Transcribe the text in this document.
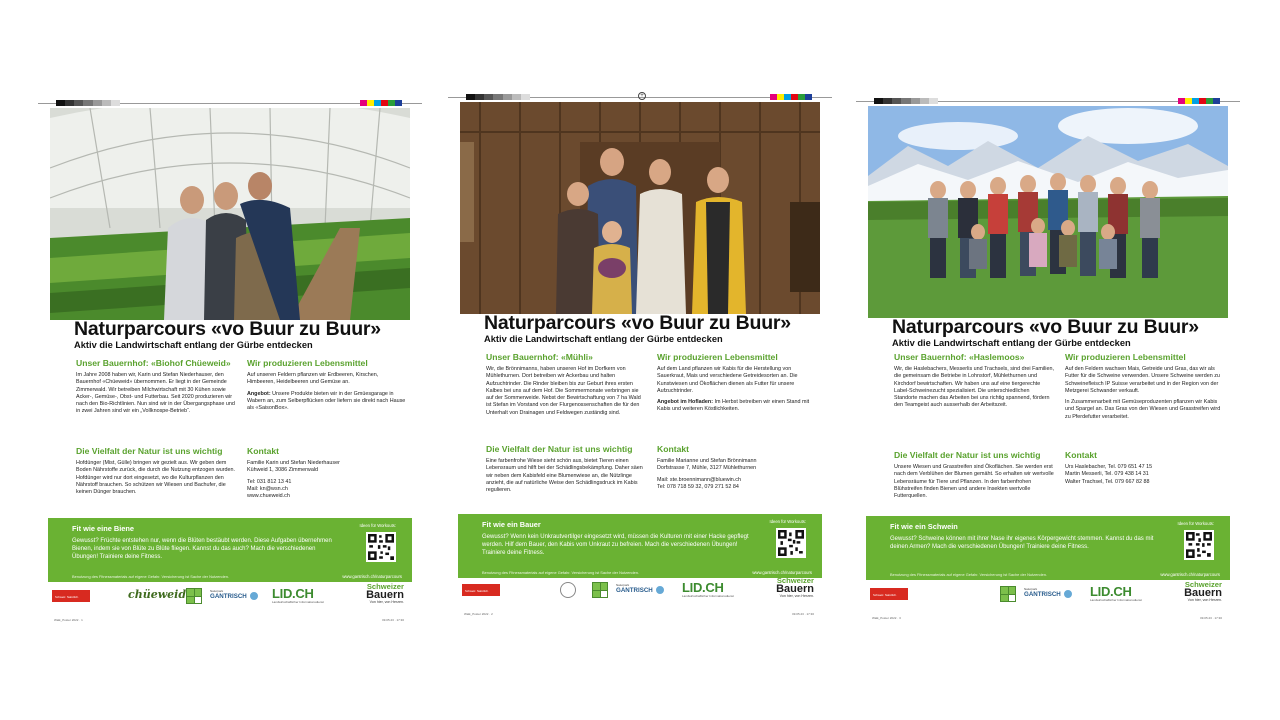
Naturparcours «vo Buur zu Buur»
Aktiv die Landwirtschaft entlang der Gürbe entdecken
Unser Bauernhof: «Biohof Chüeweid»

Im Jahre 2008 haben wir, Karin und Stefan Niederhauser, den Bauernhof «Chüeweid» übernommen. Er liegt in der Gemeinde Zimmerwald. Wir betreiben Milchwirtschaft mit 30 Kühen sowie Acker-, Gemüse-, Obst- und Futterbau. Seit 2020 produzieren wir nach den Bio-Richtlinien. Nun sind wir in der Übergangsphase und in zwei Jahren sind wir ein „Vollknospe-Betrieb“.

Wir produzieren Lebensmittel

Auf unseren Feldern pflanzen wir Erdbeeren, Kirschen, Himbeeren, Heidelbeeren und Gemüse an.

Angebot: Unsere Produkte bieten wir in der Gmüesgarage in Wabern an, zum Selberpflücken oder liefern sie direkt nach Hause als «SaisonBox».

Die Vielfalt der Natur ist uns wichtig

Hofdünger (Mist, Gülle) bringen wir gezielt aus. Wir geben dem Boden Nährstoffe zurück, die durch die Nutzung entzogen wurden. Hofdünger wird nur dort eingesetzt, wo die Kulturpflanzen den Nährstoff brauchen. So schützen wir Wiesen und Bachufer, die keinen Dünger brauchen.

Kontakt

Familie Karin und Stefan Niederhauser
Kühweid 1, 3086 Zimmerwald

Tel: 031 812 13 41
Mail: kn@wsn.ch
www.chueweid.ch

Fit wie eine Biene
Gewusst? Früchte entstehen nur, wenn die Blüten bestäubt werden. Diese Aufgaben übernehmen Bienen, indem sie von Blüte zu Blüte fliegen. Kannst du das auch? Mach die verschiedenen Übungen! Trainiere deine Fitness.
Ideen für Workouts:
Benutzung des Fitnessmaterials auf eigene Gefahr. Versicherung ist Sache der Nutzenden.	www.gantrisch.ch/naturparcours
Schweiz. Natürlich.	chüeweid	Naturpark
GANTRISCH LID.CH
Landwirtschaftlicher Informationsdienst
Schweizer
Bauern
Von hier, von Herzen.
Walk_Poster 2022 · 1	09.05.23 · 17:30
+
Naturparcours «vo Buur zu Buur»
Aktiv die Landwirtschaft entlang der Gürbe entdecken
Unser Bauernhof: «Mühli»

Wir, die Brönnimanns, haben unseren Hof im Dorfkern von Mühlethurnen. Dort betreiben wir Ackerbau und halten Aufzuchtrinder. Die Rinder bleiben bis zur Geburt ihres ersten Kalbes bei uns auf dem Hof. Die Sommermonate verbringen sie auf der Sommerweide. Nebst der Bewirtschaftung von 7 ha Wald ist Stefan im Vorstand von der Flurgenossenschaften die für den Unterhalt von Drainagen und Feldwegen zuständig sind.

Wir produzieren Lebensmittel

Auf dem Land pflanzen wir Kabis für die Herstellung von Sauerkraut, Mais und verschiedene Getreidesorten an. Die Kunstwiesen und Ökoflächen dienen als Futter für unsere Aufzuchtrinder.

Angebot im Hofladen: Im Herbst betreiben wir einen Stand mit Kabis und weiteren Köstlichkeiten.

Die Vielfalt der Natur ist uns wichtig

Eine farbenfrohe Wiese sieht schön aus, bietet Tieren einen Lebensraum und hilft bei der Schädlingsbekämpfung. Daher säen wir neben dem Kabisfeld eine Blumenwiese an, die Nützlinge anzieht, die auf natürliche Weise den Schädlingsdruck im Kabis regulieren.

Kontakt

Familie Marianne und Stefan Brönnimann
Dorfstrasse 7, Mühle, 3127 Mühlethurnen

Mail: ste.broennimann@bluewin.ch
Tel: 078 718 59 32, 079 271 52 84

Fit wie ein Bauer
Gewusst? Wenn kein Unkrautvertilger eingesetzt wird, müssen die Kulturen mit einer Hacke gepflegt werden. Hilf dem Bauer, den Kabis vom Unkraut zu befreien. Mach die verschiedenen Übungen! Trainiere deine Fitness.
Ideen für Workouts:
Benutzung des Fitnessmaterials auf eigene Gefahr. Versicherung ist Sache der Nutzenden.	www.gantrisch.ch/naturparcours
Schweiz. Natürlich.
Naturpark
GANTRISCH LID.CH
Landwirtschaftlicher Informationsdienst
Schweizer
Bauern
Von hier, von Herzen.
Walk_Poster 2022 · 2	09.05.23 · 17:30
Naturparcours «vo Buur zu Buur»
Aktiv die Landwirtschaft entlang der Gürbe entdecken
Unser Bauernhof: «Haslemoos»

Wir, die Haslebachers, Messerlis und Trachsels, sind drei Familien, die gemeinsam die Betriebe in Lohnstorf, Mühlethurnen und Kirchdorf bewirtschaften. Wir haben uns auf eine tiergerechte Label-Schweinezucht spezialisiert. Die unterschiedlichen Standorte machen das Arbeiten bei uns richtig spannend, fördern den Teamgeist auch ausserhalb der Arbeitszeit.

Wir produzieren Lebensmittel

Auf den Feldern wachsen Mais, Getreide und Gras, das wir als Futter für die Schweine verwenden. Unsere Schweine werden zu Schweinefleisch IP Suisse verarbeitet und in der Region von der Metzgerei Schwander verkauft.

In Zusammenarbeit mit Gemüseproduzenten pflanzen wir Kabis und Spargel an. Das Gras von den Wiesen und Grasstreifen wird zu Pferdefutter verarbeitet.

Die Vielfalt der Natur ist uns wichtig

Unsere Wiesen und Grasstreifen sind Ökoflächen. Sie werden erst nach dem Verblühen der Blumen gemäht. So erhalten wir wertvolle Lebensräume für Tiere und Pflanzen. In den farbenfrohen Blühstreifen finden Bienen und andere Insekten wertvolle Futterquellen.

Kontakt

Urs Haslebacher, Tel. 079 651 47 15
Martin Messerli, Tel. 079 438 14 31
Walter Trachsel, Tel. 079 667 82 88

Fit wie ein Schwein
Gewusst? Schweine können mit ihrer Nase ihr eigenes Körpergewicht stemmen. Kannst du das mit deinen Armen? Mach die verschiedenen Übungen! Trainiere deine Fitness.
Ideen für Workouts:
Benutzung des Fitnessmaterials auf eigene Gefahr. Versicherung ist Sache der Nutzenden.	www.gantrisch.ch/naturparcours
Schweiz. Natürlich.
Naturpark
GANTRISCH LID.CH
Landwirtschaftlicher Informationsdienst
Schweizer
Bauern
Von hier, von Herzen.
Walk_Poster 2022 · 3	09.05.23 · 17:30
